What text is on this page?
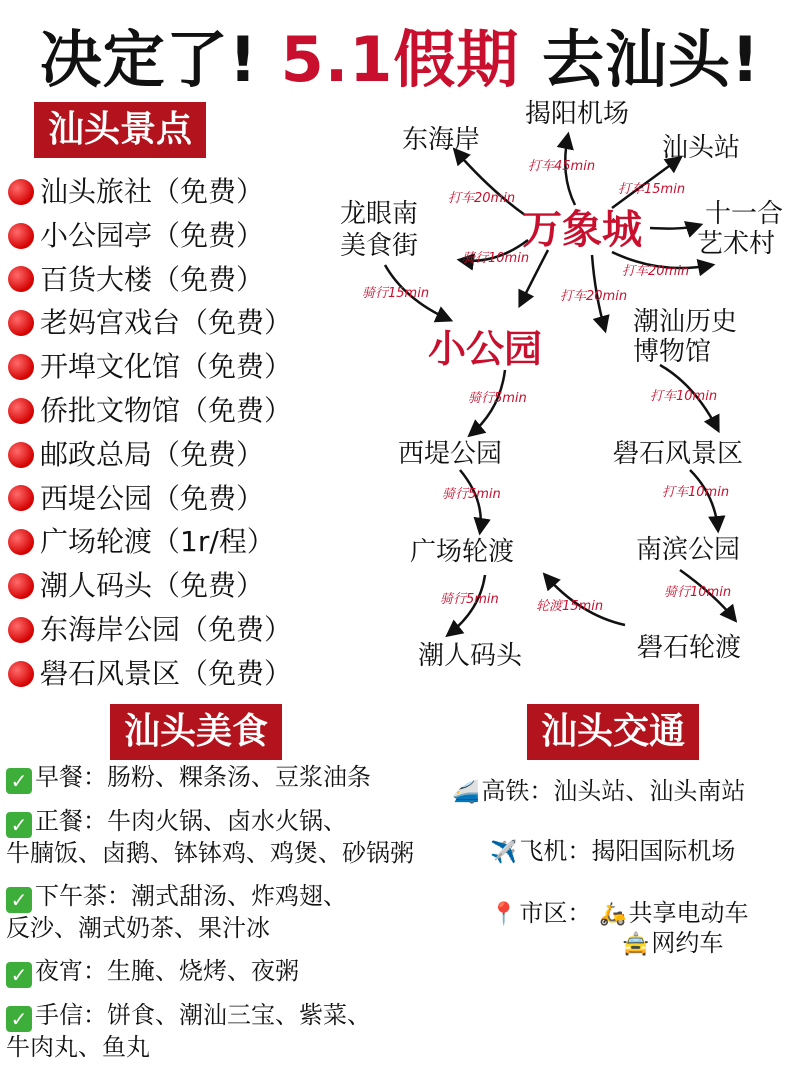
决定了! 5.1假期 去汕头!
汕头景点
汕头旅社（免费）
小公园亭（免费）
百货大楼（免费）
老妈宫戏台（免费）
开埠文化馆（免费）
侨批文物馆（免费）
邮政总局（免费）
西堤公园（免费）
广场轮渡（1r/程）
潮人码头（免费）
东海岸公园（免费）
礐石风景区（免费）
万象城
小公园
东海岸
揭阳机场
汕头站
十一合
艺术村
龙眼南
美食街
潮汕历史
博物馆
西堤公园	礐石风景区
广场轮渡	南滨公园
潮人码头	礐石轮渡
打车20min
打车45min
打车15min
骑行10min
打车20min
打车20min
骑行15min
骑行5min	打车10min
骑行5min	打车10min
骑行5min	轮渡15min
骑行10min
汕头美食
✓ 早餐：肠粉、粿条汤、豆浆油条
✓ 正餐：牛肉火锅、卤水火锅、
牛腩饭、卤鹅、钵钵鸡、鸡煲、砂锅粥
✓ 下午茶：潮式甜汤、炸鸡翅、
反沙、潮式奶茶、果汁冰
✓ 夜宵：生腌、烧烤、夜粥
✓ 手信：饼食、潮汕三宝、紫菜、
牛肉丸、鱼丸
汕头交通
🚄高铁：汕头站、汕头南站
✈️飞机：揭阳国际机场
📍市区： 🛵共享电动车
🚖网约车
